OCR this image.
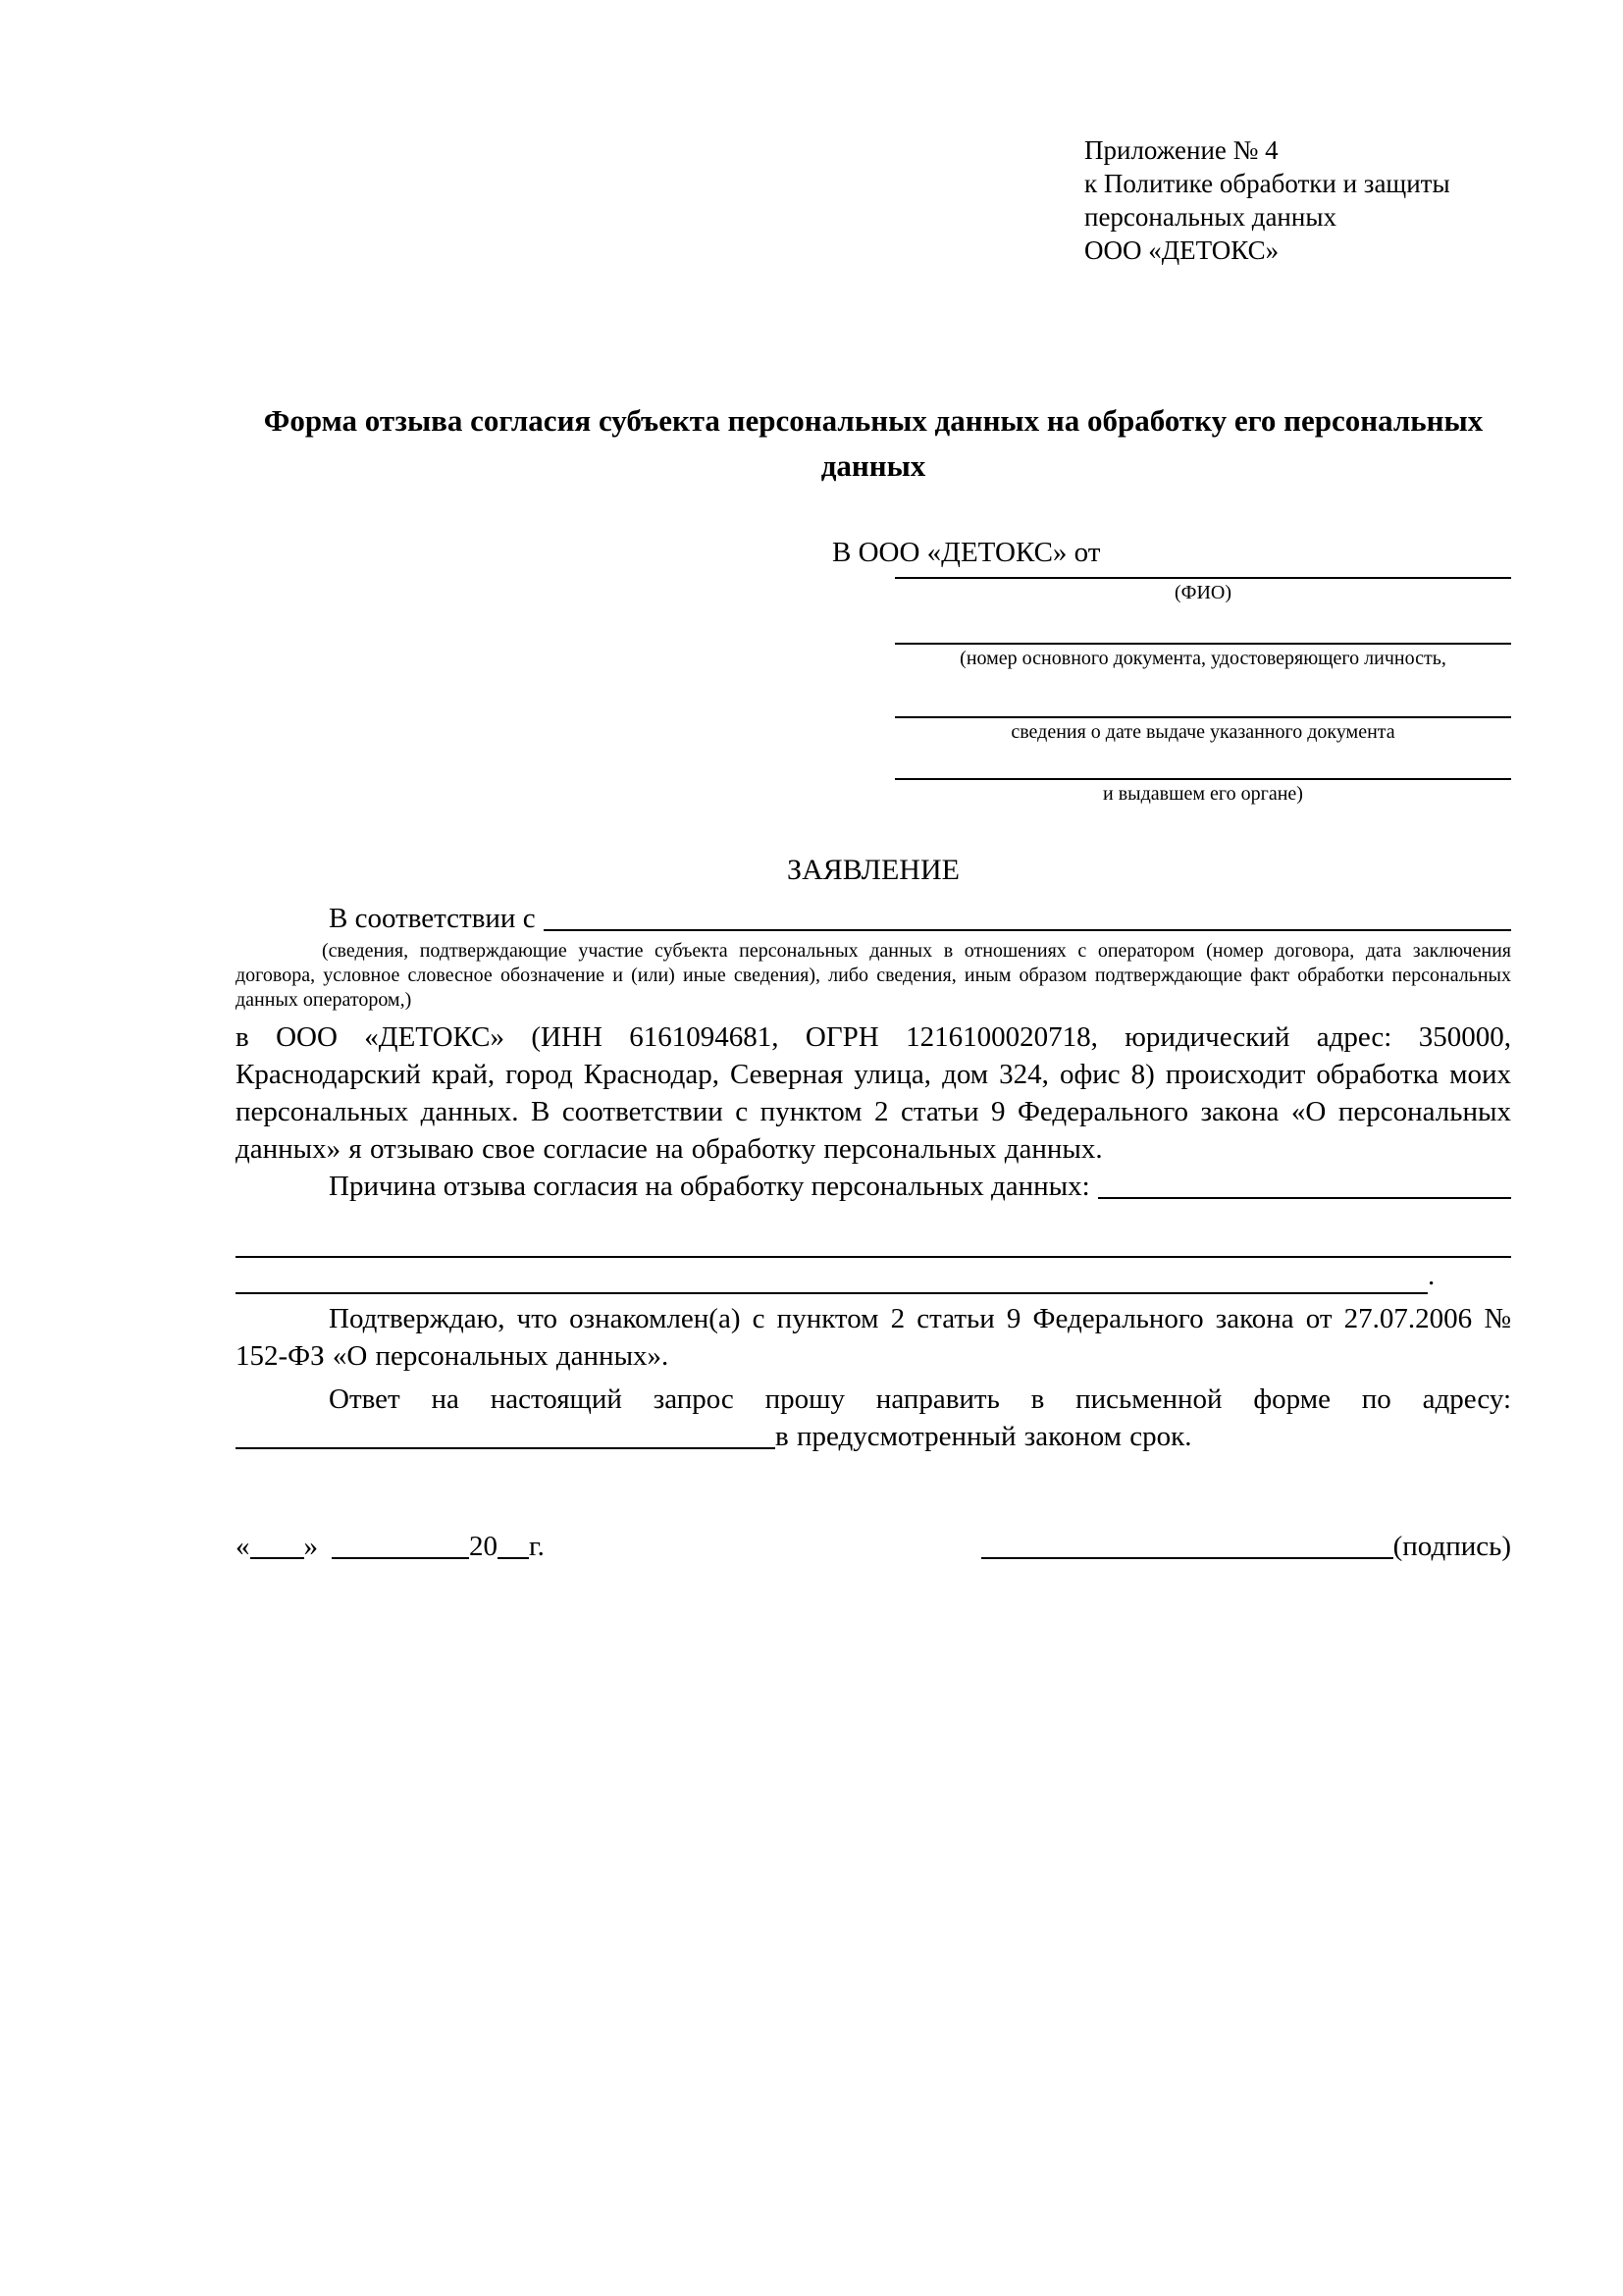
Приложение № 4
к Политике обработки и защиты
персональных данных
ООО «ДЕТОКС»
Форма отзыва согласия субъекта персональных данных на обработку его персональных данных
В ООО «ДЕТОКС» от
(ФИО)
(номер основного документа, удостоверяющего личность,
сведения о дате выдаче указанного документа
и выдавшем его органе)
ЗАЯВЛЕНИЕ
В соответствии с

(сведения, подтверждающие участие субъекта персональных данных в отношениях с оператором (номер договора, дата заключения договора, условное словесное обозначение и (или) иные сведения), либо сведения, иным образом подтверждающие факт обработки персональных данных оператором,)

в ООО «ДЕТОКС» (ИНН 6161094681, ОГРН 1216100020718, юридический адрес: 350000, Краснодарский край, город Краснодар, Северная улица, дом 324, офис 8) происходит обработка моих персональных данных. В соответствии с пунктом 2 статьи 9 Федерального закона «О персональных данных» я отзываю свое согласие на обработку персональных данных.

Причина отзыва согласия на обработку персональных данных:
.

Подтверждаю, что ознакомлен(а) с пунктом 2 статьи 9 Федерального закона от 27.07.2006 № 152-ФЗ «О персональных данных».

Ответ на настоящий запрос прошу направить в письменной форме по адресу: в предусмотренный законом срок.

« »	20 г.	(подпись)
